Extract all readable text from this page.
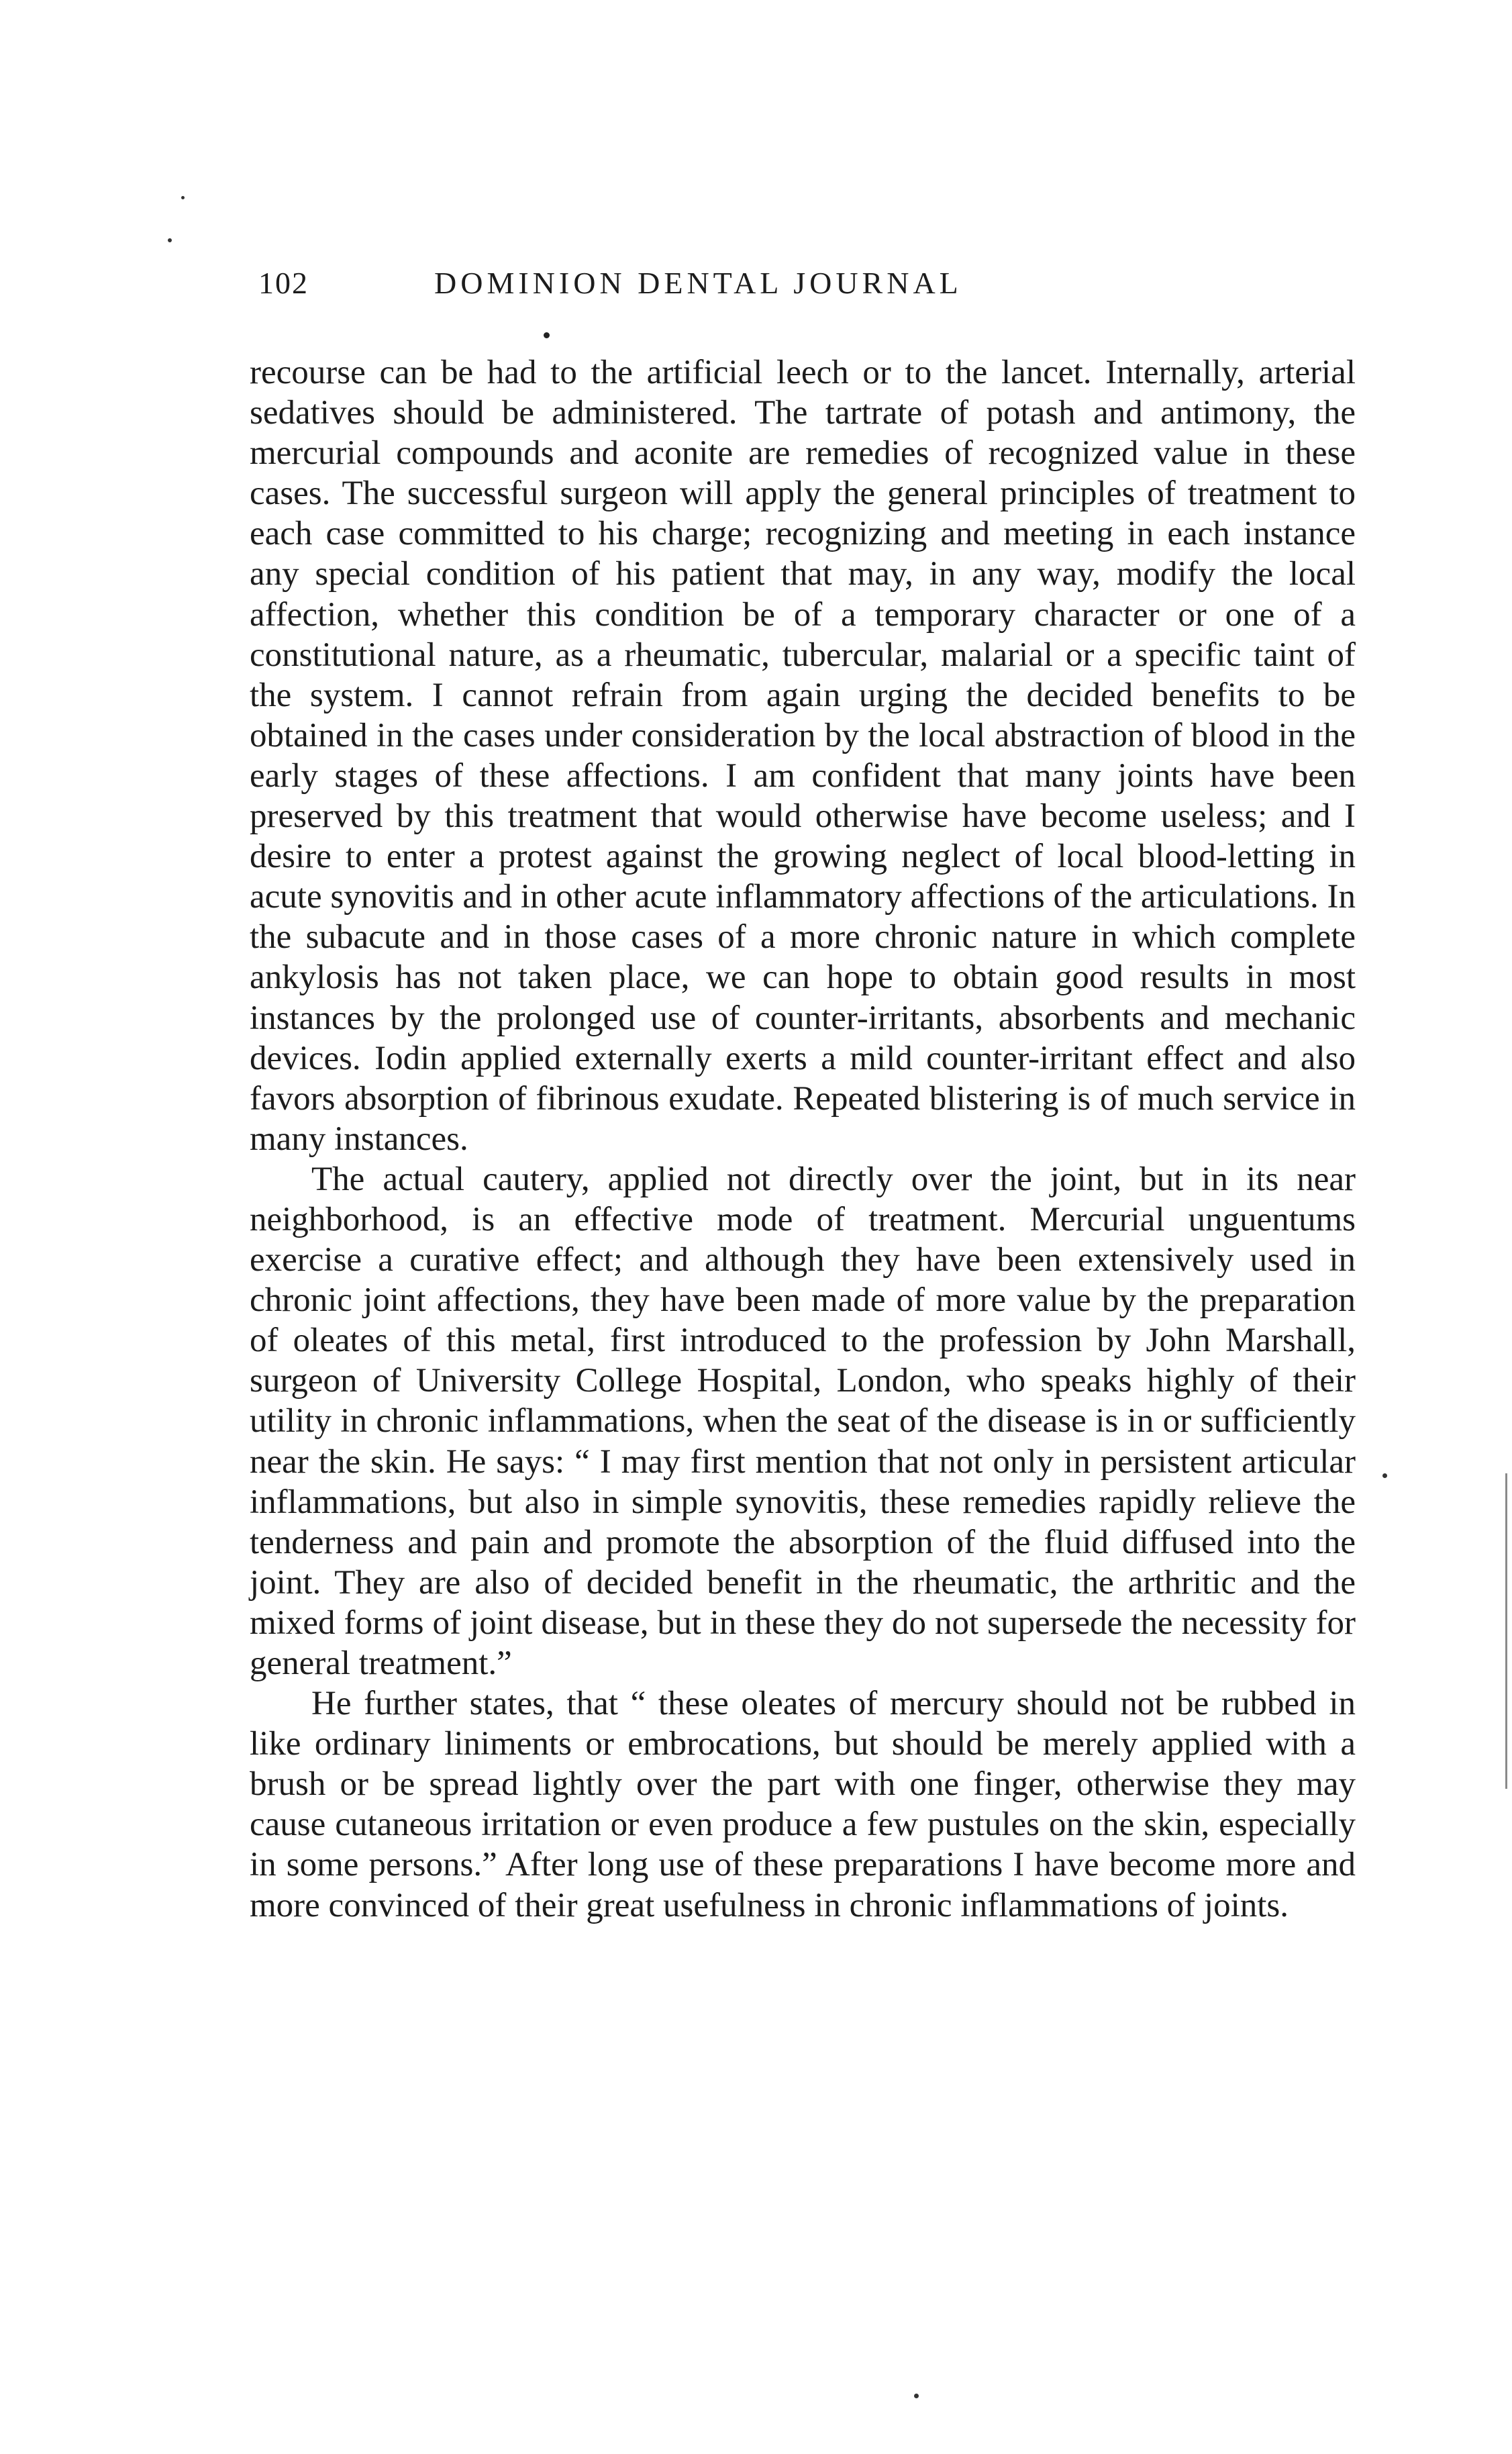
102	DOMINION DENTAL JOURNAL

recourse can be had to the artificial leech or to the lancet. Internally, arterial sedatives should be administered. The tartrate of potash and antimony, the mercurial compounds and aconite are remedies of recognized value in these cases. The successful surgeon will apply the general principles of treatment to each case committed to his charge; recognizing and meeting in each instance any special condition of his patient that may, in any way, modify the local affection, whether this condition be of a temporary character or one of a constitutional nature, as a rheumatic, tubercular, malarial or a specific taint of the system. I cannot refrain from again urging the decided benefits to be obtained in the cases under consideration by the local abstraction of blood in the early stages of these affections. I am confident that many joints have been preserved by this treatment that would otherwise have become useless; and I desire to enter a protest against the growing neglect of local blood-letting in acute synovitis and in other acute inflammatory affections of the articulations. In the subacute and in those cases of a more chronic nature in which complete ankylosis has not taken place, we can hope to obtain good results in most instances by the prolonged use of counter-irritants, absorbents and mechanic devices. Iodin applied externally exerts a mild counter-irritant effect and also favors absorption of fibrinous exudate. Repeated blistering is of much service in many instances.

The actual cautery, applied not directly over the joint, but in its near neighborhood, is an effective mode of treatment. Mercurial unguentums exercise a curative effect; and although they have been extensively used in chronic joint affections, they have been made of more value by the preparation of oleates of this metal, first introduced to the profession by John Marshall, surgeon of University College Hospital, London, who speaks highly of their utility in chronic inflammations, when the seat of the disease is in or sufficiently near the skin. He says: “ I may first mention that not only in persistent articular inflammations, but also in simple synovitis, these remedies rapidly relieve the tenderness and pain and promote the absorption of the fluid diffused into the joint. They are also of decided benefit in the rheumatic, the arthritic and the mixed forms of joint disease, but in these they do not supersede the necessity for general treatment.”

He further states, that “ these oleates of mercury should not be rubbed in like ordinary liniments or embrocations, but should be merely applied with a brush or be spread lightly over the part with one finger, otherwise they may cause cutaneous irritation or even produce a few pustules on the skin, especially in some persons.” After long use of these preparations I have become more and more convinced of their great usefulness in chronic inflammations of joints.
